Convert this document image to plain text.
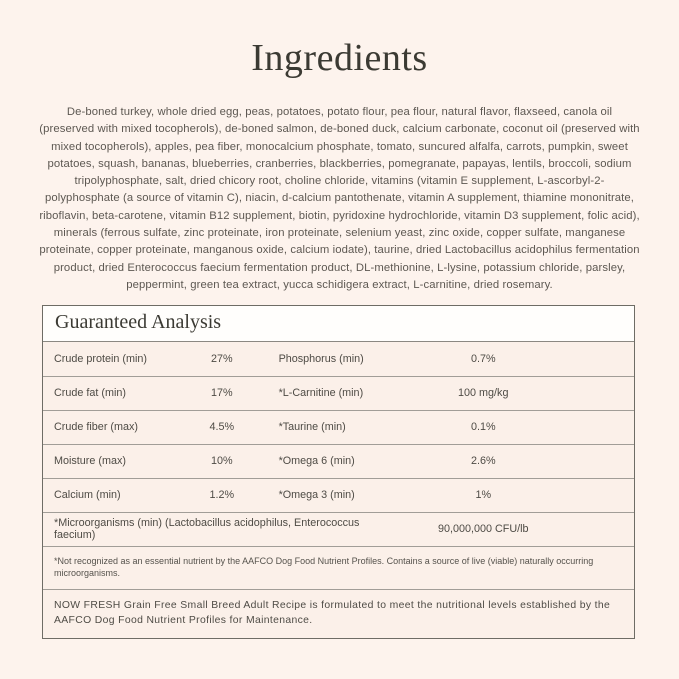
Ingredients
De-boned turkey, whole dried egg, peas, potatoes, potato flour, pea flour, natural flavor, flaxseed, canola oil (preserved with mixed tocopherols), de-boned salmon, de-boned duck, calcium carbonate, coconut oil (preserved with mixed tocopherols), apples, pea fiber, monocalcium phosphate, tomato, suncured alfalfa, carrots, pumpkin, sweet potatoes, squash, bananas, blueberries, cranberries, blackberries, pomegranate, papayas, lentils, broccoli, sodium tripolyphosphate, salt, dried chicory root, choline chloride, vitamins (vitamin E supplement, L-ascorbyl-2-polyphosphate (a source of vitamin C), niacin, d-calcium pantothenate, vitamin A supplement, thiamine mononitrate, riboflavin, beta-carotene, vitamin B12 supplement, biotin, pyridoxine hydrochloride, vitamin D3 supplement, folic acid), minerals (ferrous sulfate, zinc proteinate, iron proteinate, selenium yeast, zinc oxide, copper sulfate, manganese proteinate, copper proteinate, manganous oxide, calcium iodate), taurine, dried Lactobacillus acidophilus fermentation product, dried Enterococcus faecium fermentation product, DL-methionine, L-lysine, potassium chloride, parsley, peppermint, green tea extract, yucca schidigera extract, L-carnitine, dried rosemary.
Guaranteed Analysis
Crude protein (min)	27%	Phosphorus (min)	0.7%	
Crude fat (min)	17%	*L-Carnitine (min)	100 mg/kg	
Crude fiber (max)	4.5%	*Taurine (min)	0.1%	
Moisture (max)	10%	*Omega 6 (min)	2.6%	
Calcium (min)	1.2%	*Omega 3 (min)	1%	
*Microorganisms (min) (Lactobacillus acidophilus, Enterococcus faecium)			90,000,000 CFU/lb	
*Not recognized as an essential nutrient by the AAFCO Dog Food Nutrient Profiles. Contains a source of live (viable) naturally occurring microorganisms.				
NOW FRESH Grain Free Small Breed Adult Recipe is formulated to meet the nutritional levels established by the AAFCO Dog Food Nutrient Profiles for Maintenance.				
